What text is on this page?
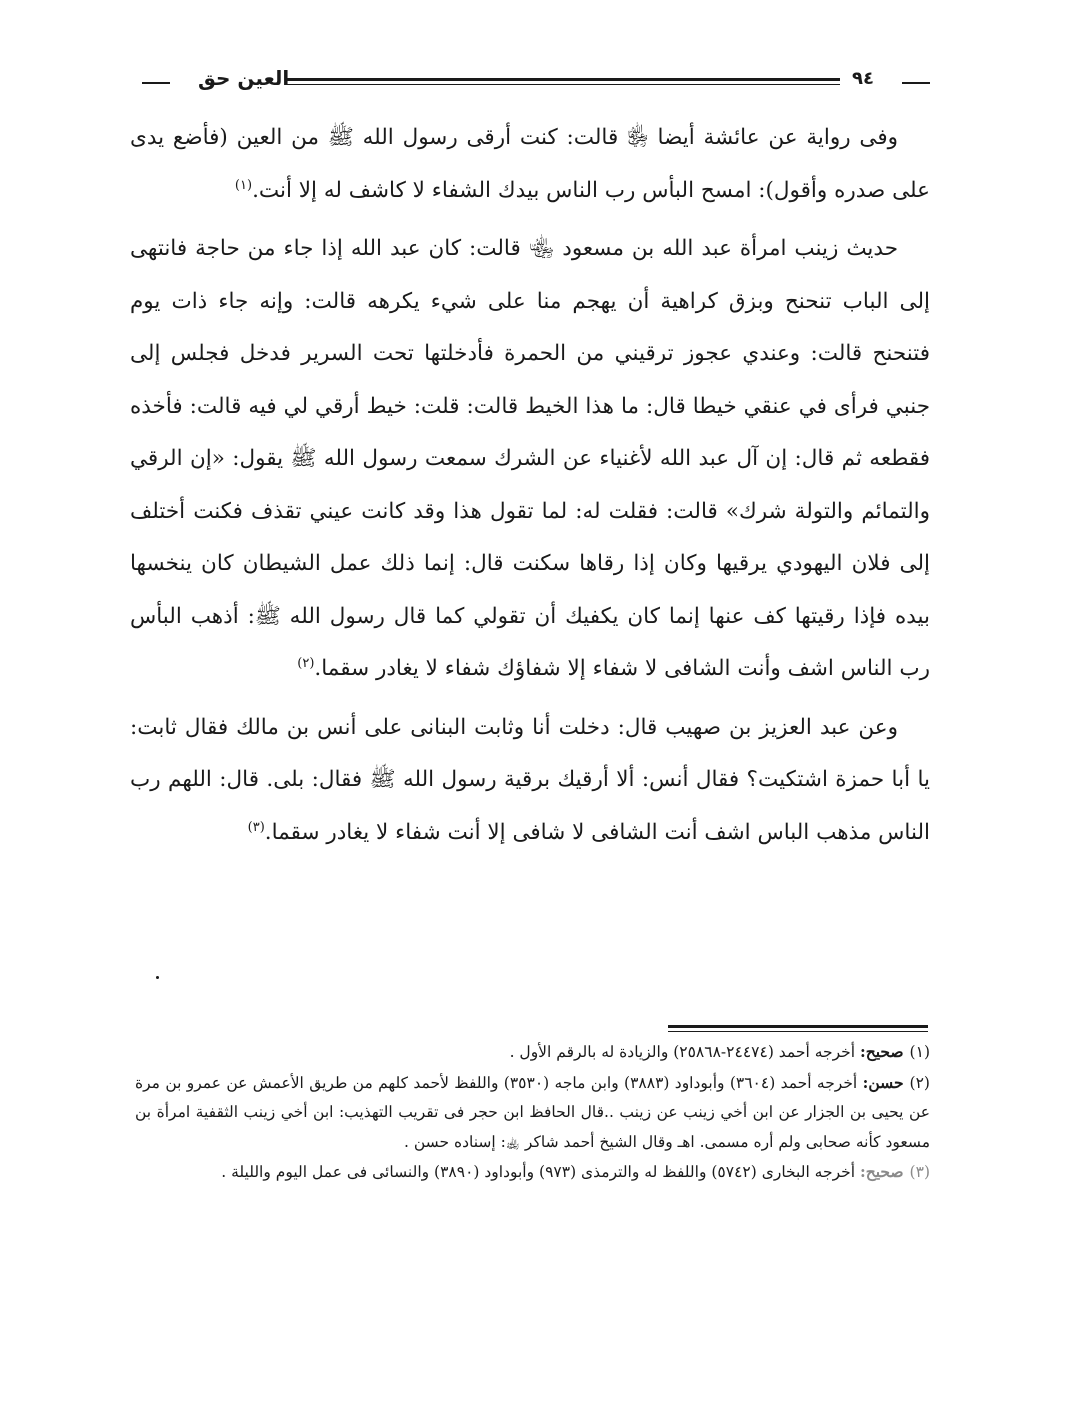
العين حق	٩٤

وفى رواية عن عائشة أيضا ﵂ قالت: كنت أرقى رسول الله ﷺ من العين (فأضع يدى على صدره وأقول): امسح البأس رب الناس بيدك الشفاء لا كاشف له إلا أنت.$^{(١)}$

حديث زينب امرأة عبد الله بن مسعود ﵄ قالت: كان عبد الله إذا جاء من حاجة فانتهى إلى الباب تنحنح وبزق كراهية أن يهجم منا على شيء يكرهه قالت: وإنه جاء ذات يوم فتنحنح قالت: وعندي عجوز ترقيني من الحمرة فأدخلتها تحت السرير فدخل فجلس إلى جنبي فرأى في عنقي خيطا قال: ما هذا الخيط قالت: قلت: خيط أرقي لي فيه قالت: فأخذه فقطعه ثم قال: إن آل عبد الله لأغنياء عن الشرك سمعت رسول الله ﷺ يقول: «إن الرقي والتمائم والتولة شرك» قالت: فقلت له: لما تقول هذا وقد كانت عيني تقذف فكنت أختلف إلى فلان اليهودي يرقيها وكان إذا رقاها سكنت قال: إنما ذلك عمل الشيطان كان ينخسها بيده فإذا رقيتها كف عنها إنما كان يكفيك أن تقولي كما قال رسول الله ﷺ: أذهب البأس رب الناس اشف وأنت الشافى لا شفاء إلا شفاؤك شفاء لا يغادر سقما.$^{(٢)}$

وعن عبد العزيز بن صهيب قال: دخلت أنا وثابت البنانى على أنس بن مالك فقال ثابت: يا أبا حمزة اشتكيت؟ فقال أنس: ألا أرقيك برقية رسول الله ﷺ فقال: بلى. قال: اللهم رب الناس مذهب الباس اشف أنت الشافى لا شافى إلا أنت شفاء لا يغادر سقما.$^{(٣)}$

(١)صحيح: أخرجه أحمد (٢٤٤٧٤-٢٥٨٦٨) والزيادة له بالرقم الأول .

(٢)حسن: أخرجه أحمد (٣٦٠٤) وأبوداود (٣٨٨٣) وابن ماجه (٣٥٣٠) واللفظ لأحمد كلهم من طريق الأعمش عن عمرو بن مرة عن يحيى بن الجزار عن ابن أخي زينب عن زينب ..قال الحافظ ابن حجر فى تقريب التهذيب: ابن أخي زينب الثقفية امرأة بن مسعود كأنه صحابى ولم أره مسمى. اهـ وقال الشيخ أحمد شاكر ﵀: إسناده حسن .

(٣)صحيح: أخرجه البخارى (٥٧٤٢) واللفظ له والترمذى (٩٧٣) وأبوداود (٣٨٩٠) والنسائى فى عمل اليوم والليلة .
